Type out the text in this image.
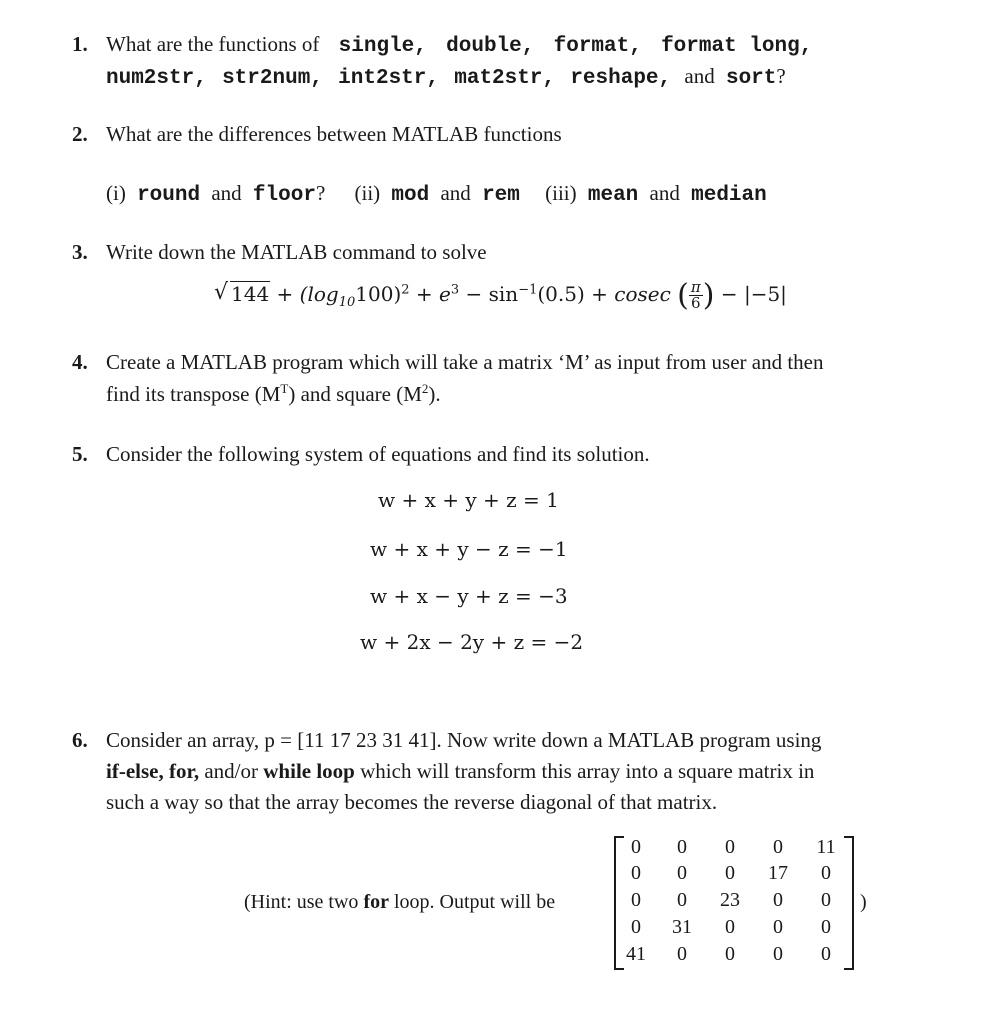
1. What are the functions of single, double, format, format long,
num2str, str2num, int2str, mat2str, reshape, and sort?
2. What are the differences between MATLAB functions
(i) round and floor? (ii) mod and rem (iii) mean and median
3. Write down the MATLAB command to solve
√ $144 + (\log_{10}100)^2 + e^3 - \sin^{-1}(0.5) + cosec$ ( $\frac{\pi}{6}$ ) − |−5|
4. Create a MATLAB program which will take a matrix ‘M’ as input from user and then
find its transpose $(M^T)$ and square $(M^2)$.
5. Consider the following system of equations and find its solution.
w + x + y + z = 1
w + x + y − z = −1
w + x − y + z = −3
w + 2x − 2y + z = −2
6. Consider an array, p = [11 17 23 31 41]. Now write down a MATLAB program using
if-else, for, and/or while loop which will transform this array into a square matrix in
such a way so that the array becomes the reverse diagonal of that matrix.
(Hint: use two for loop. Output will be
0	0	0	0	11
0	0	0	17	0
0	0	23	0	0
0	31	0	0	0
41	0	0	0	0
)
